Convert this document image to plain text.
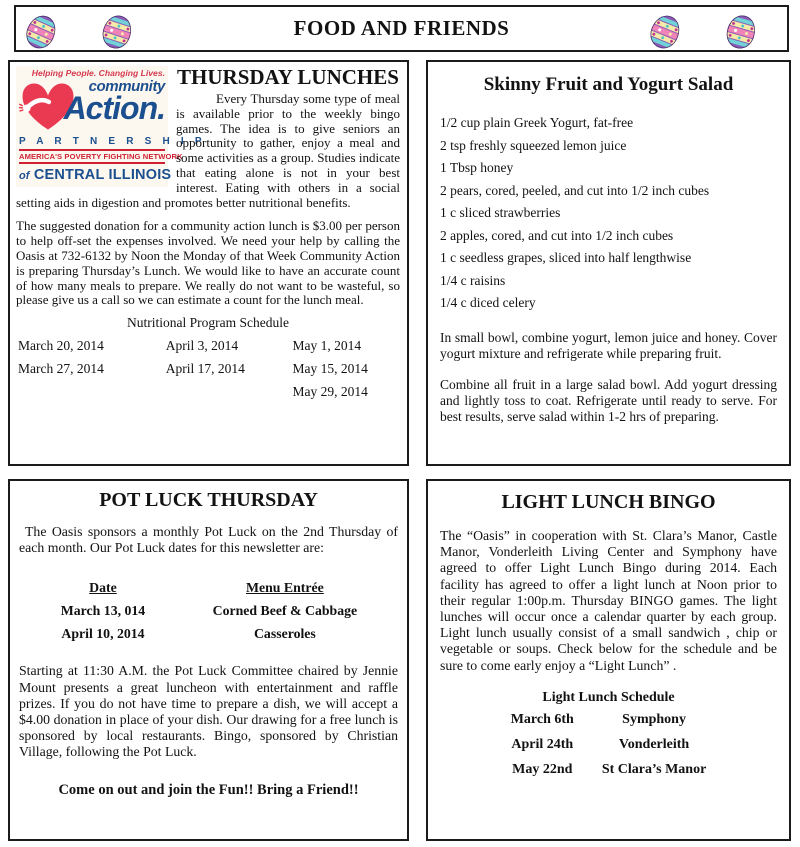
FOOD AND FRIENDS
Helping People. Changing Lives.
community
Action.
P A R T N E R S H I P
AMERICA'S POVERTY FIGHTING NETWORK
of CENTRAL ILLINOIS
THURSDAY LUNCHES

Every Thursday some type of meal is available prior to the weekly bingo games. The idea is to give seniors an opportunity to gather, enjoy a meal and some activities as a group. Studies indicate that eating alone is not in your best interest. Eating with others in a social setting aids in digestion and promotes better nutritional benefits.

The suggested donation for a community action lunch is $3.00 per person to help off-set the expenses involved. We need your help by calling the Oasis at 732-6132 by Noon the Monday of that Week Community Action is preparing Thursday’s Lunch. We would like to have an accurate count of how many meals to prepare. We really do not want to be wasteful, so please give us a call so we can estimate a count for the lunch meal.

Nutritional Program Schedule
March 20, 2014	April 3, 2014	May 1, 2014
March 27, 2014	April 17, 2014	May 15, 2014
		May 29, 2014
Skinny Fruit and Yogurt Salad
1/2 cup plain Greek Yogurt, fat-free
2 tsp freshly squeezed lemon juice
1 Tbsp honey
2 pears, cored, peeled, and cut into 1/2 inch cubes
1 c sliced strawberries
2 apples, cored, and cut into 1/2 inch cubes
1 c seedless grapes, sliced into half lengthwise
1/4 c raisins
1/4 c diced celery

In small bowl, combine yogurt, lemon juice and honey. Cover yogurt mixture and refrigerate while preparing fruit.

Combine all fruit in a large salad bowl. Add yogurt dressing and lightly toss to coat. Refrigerate until ready to serve. For best results, serve salad within 1-2 hrs of preparing.

POT LUCK THURSDAY

The Oasis sponsors a monthly Pot Luck on the 2nd Thursday of each month. Our Pot Luck dates for this newsletter are:

Date	Menu Entrée
March 13, 014	Corned Beef & Cabbage
April 10, 2014	Casseroles

Starting at 11:30 A.M. the Pot Luck Committee chaired by Jennie Mount presents a great luncheon with entertainment and raffle prizes. If you do not have time to prepare a dish, we will accept a $4.00 donation in place of your dish. Our drawing for a free lunch is sponsored by local restaurants. Bingo, sponsored by Christian Village, following the Pot Luck.

Come on out and join the Fun!! Bring a Friend!!

LIGHT LUNCH BINGO

The “Oasis” in cooperation with St. Clara’s Manor, Castle Manor, Vonderleith Living Center and Symphony have agreed to offer Light Lunch Bingo during 2014. Each facility has agreed to offer a light lunch at Noon prior to their regular 1:00p.m. Thursday BINGO games. The light lunches will occur once a calendar quarter by each group. Light lunch usually consist of a small sandwich , chip or vegetable or soups. Check below for the schedule and be sure to come early enjoy a “Light Lunch” .

Light Lunch Schedule
March 6th	Symphony
April 24th	Vonderleith
May 22nd	St Clara’s Manor
